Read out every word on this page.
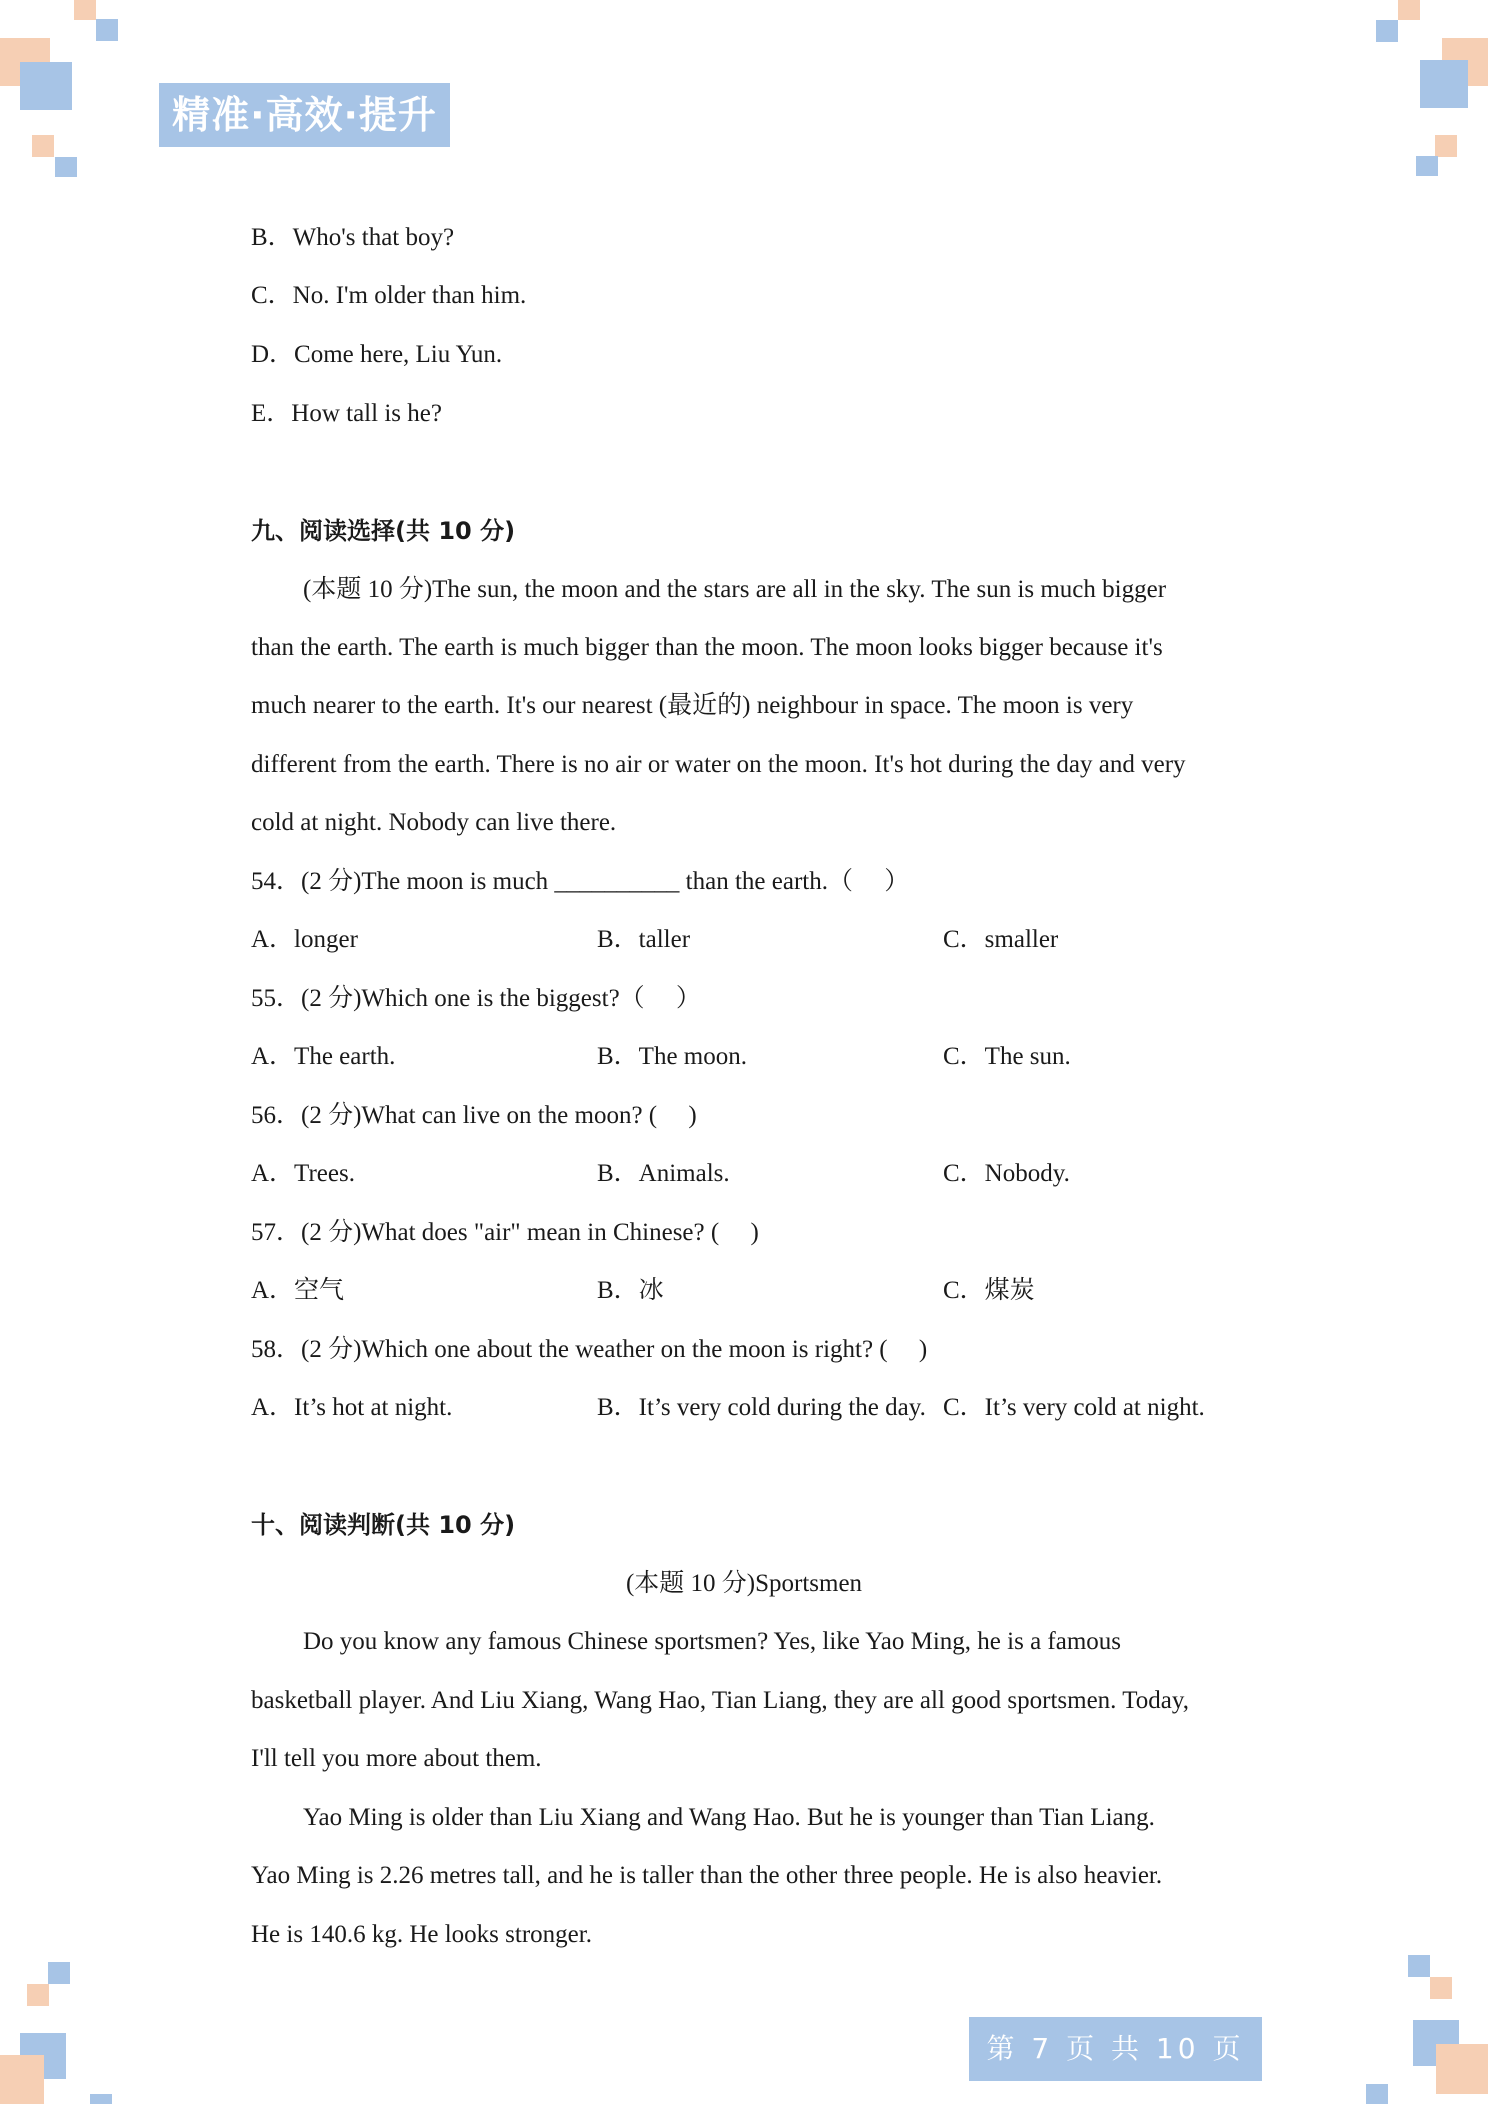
精准·高效·提升
B．Who's that boy?
C．No. I'm older than him.
D．Come here, Liu Yun.
E．How tall is he?
九、阅读选择(共 10 分)
(本题 10 分)The sun, the moon and the stars are all in the sky. The sun is much bigger
than the earth. The earth is much bigger than the moon. The moon looks bigger because it's
much nearer to the earth. It's our nearest (最近的) neighbour in space. The moon is very
different from the earth. There is no air or water on the moon. It's hot during the day and very
cold at night. Nobody can live there.
54．(2 分)The moon is much __________ than the earth.（　 ）
A．longer	B．taller	C．smaller
55．(2 分)Which one is the biggest?（　 ）
A．The earth.	B．The moon.	C．The sun.
56．(2 分)What can live on the moon? (　 )
A．Trees.	B．Animals.	C．Nobody.
57．(2 分)What does "air" mean in Chinese? (　 )
A．空气	B．冰	C．煤炭
58．(2 分)Which one about the weather on the moon is right? (　 )
A．It’s hot at night.	B．It’s very cold during the day. C．It’s very cold at night.
十、阅读判断(共 10 分)
(本题 10 分)Sportsmen
Do you know any famous Chinese sportsmen? Yes, like Yao Ming, he is a famous
basketball player. And Liu Xiang, Wang Hao, Tian Liang, they are all good sportsmen. Today,
I'll tell you more about them.
Yao Ming is older than Liu Xiang and Wang Hao. But he is younger than Tian Liang.
Yao Ming is 2.26 metres tall, and he is taller than the other three people. He is also heavier.
He is 140.6 kg. He looks stronger.
第 7 页 共 10 页
